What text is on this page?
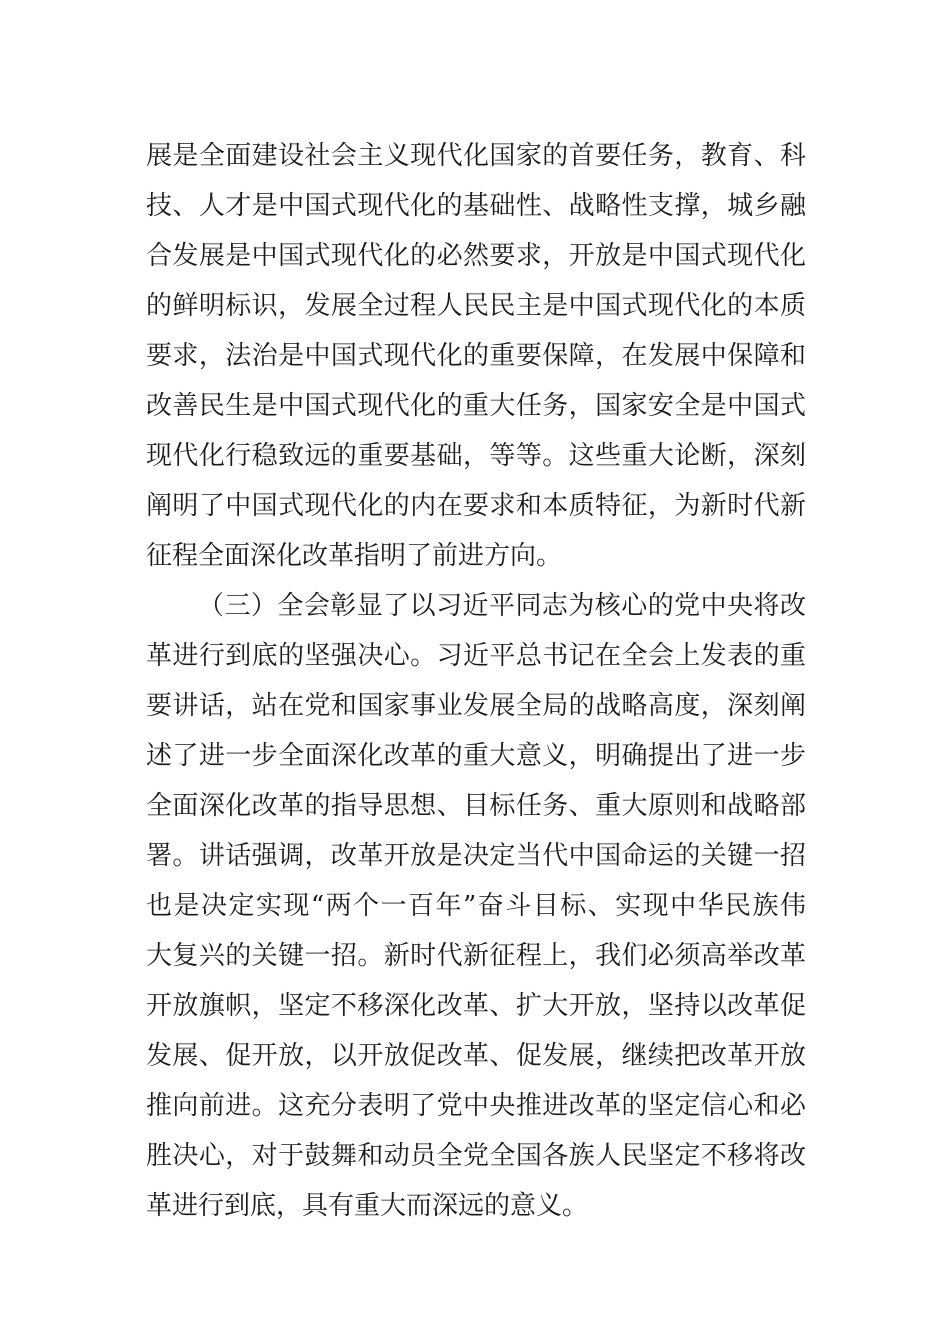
展是全面建设社会主义现代化国家的首要任务，教育、科
技、人才是中国式现代化的基础性、战略性支撑，城乡融
合发展是中国式现代化的必然要求，开放是中国式现代化
的鲜明标识，发展全过程人民民主是中国式现代化的本质
要求，法治是中国式现代化的重要保障，在发展中保障和
改善民生是中国式现代化的重大任务，国家安全是中国式
现代化行稳致远的重要基础，等等。这些重大论断，深刻
阐明了中国式现代化的内在要求和本质特征，为新时代新
征程全面深化改革指明了前进方向。
（三）全会彰显了以习近平同志为核心的党中央将改
革进行到底的坚强决心。习近平总书记在全会上发表的重
要讲话，站在党和国家事业发展全局的战略高度，深刻阐
述了进一步全面深化改革的重大意义，明确提出了进一步
全面深化改革的指导思想、目标任务、重大原则和战略部
署。讲话强调，改革开放是决定当代中国命运的关键一招
也是决定实现“两个一百年”奋斗目标、实现中华民族伟
大复兴的关键一招。新时代新征程上，我们必须高举改革
开放旗帜，坚定不移深化改革、扩大开放，坚持以改革促
发展、促开放，以开放促改革、促发展，继续把改革开放
推向前进。这充分表明了党中央推进改革的坚定信心和必
胜决心，对于鼓舞和动员全党全国各族人民坚定不移将改
革进行到底，具有重大而深远的意义。
